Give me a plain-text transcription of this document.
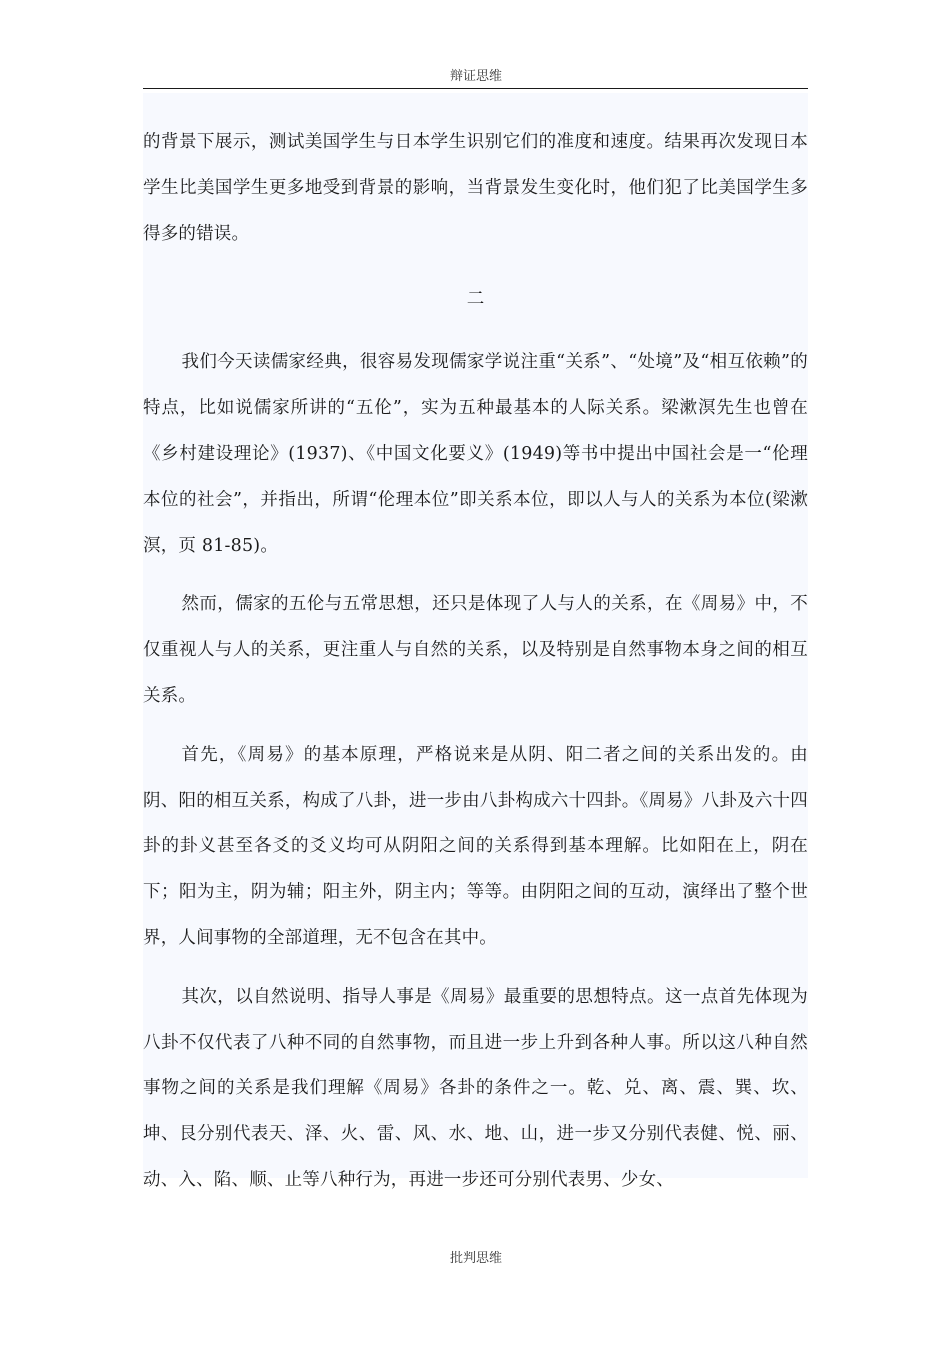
辩证思维

的背景下展示，测试美国学生与日本学生识别它们的准度和速度。结果再次发现日本学生比美国学生更多地受到背景的影响，当背景发生变化时，他们犯了比美国学生多得多的错误。

二

我们今天读儒家经典，很容易发现儒家学说注重“关系”、“处境”及“相互依赖”的特点，比如说儒家所讲的“五伦”，实为五种最基本的人际关系。梁漱溟先生也曾在《乡村建设理论》(1937)、《中国文化要义》(1949)等书中提出中国社会是一“伦理本位的社会”，并指出，所谓“伦理本位”即关系本位，即以人与人的关系为本位(梁漱溟，页 81-85)。

然而，儒家的五伦与五常思想，还只是体现了人与人的关系，在《周易》中，不仅重视人与人的关系，更注重人与自然的关系，以及特别是自然事物本身之间的相互关系。

首先，《周易》的基本原理，严格说来是从阴、阳二者之间的关系出发的。由阴、阳的相互关系，构成了八卦，进一步由八卦构成六十四卦。《周易》八卦及六十四卦的卦义甚至各爻的爻义均可从阴阳之间的关系得到基本理解。比如阳在上，阴在下；阳为主，阴为辅；阳主外，阴主内；等等。由阴阳之间的互动，演绎出了整个世界，人间事物的全部道理，无不包含在其中。

其次，以自然说明、指导人事是《周易》最重要的思想特点。这一点首先体现为八卦不仅代表了八种不同的自然事物，而且进一步上升到各种人事。所以这八种自然事物之间的关系是我们理解《周易》各卦的条件之一。乾、兑、离、震、巽、坎、坤、艮分别代表天、泽、火、雷、风、水、地、山，进一步又分别代表健、悦、丽、动、入、陷、顺、止等八种行为，再进一步还可分别代表男、少女、

批判思维
